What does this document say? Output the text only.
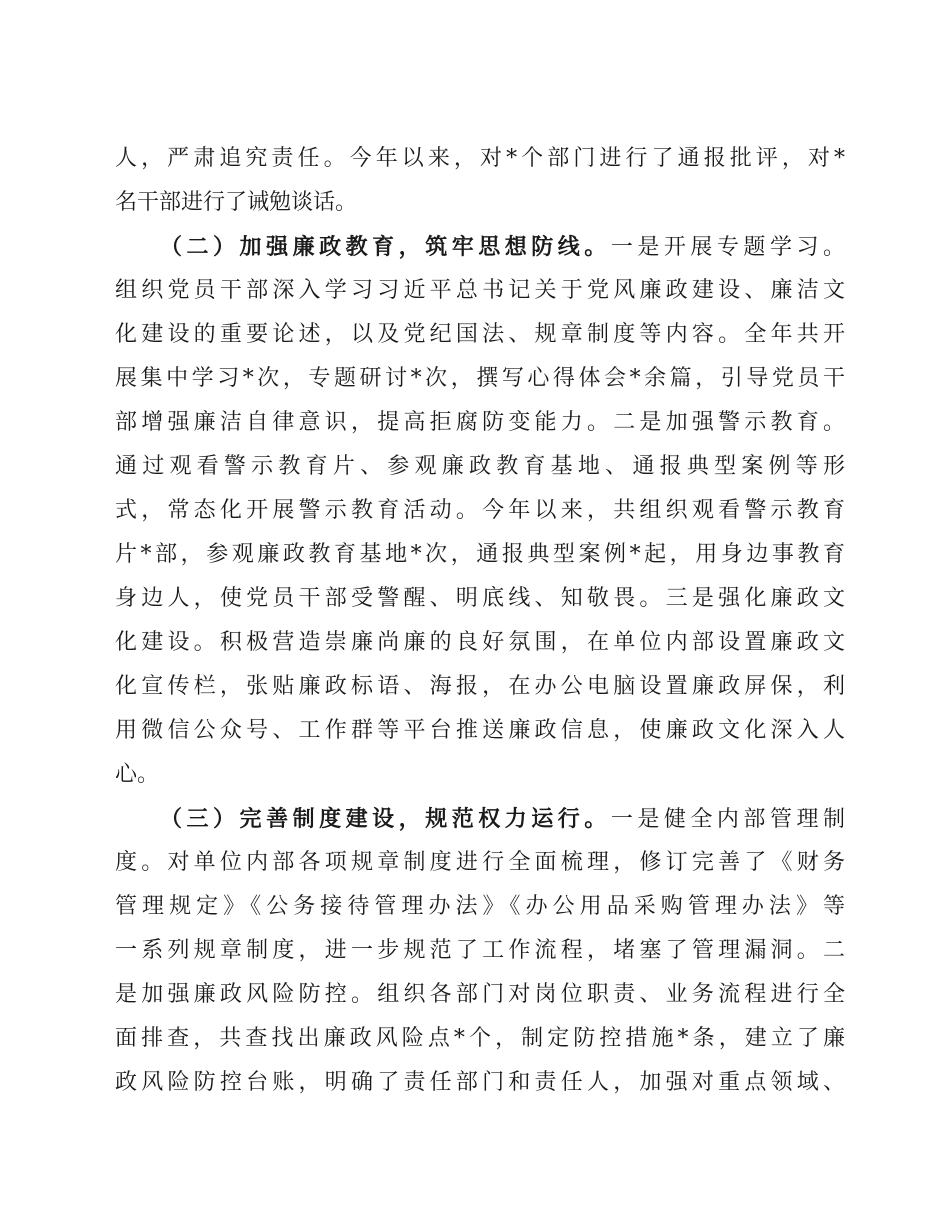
人，严肃追究责任。今年以来，对*个部门进行了通报批评，对*
名干部进行了诫勉谈话。
（二）加强廉政教育，筑牢思想防线。一是开展专题学习。
组织党员干部深入学习习近平总书记关于党风廉政建设、廉洁文
化建设的重要论述，以及党纪国法、规章制度等内容。全年共开
展集中学习*次，专题研讨*次，撰写心得体会*余篇，引导党员干
部增强廉洁自律意识，提高拒腐防变能力。二是加强警示教育。
通过观看警示教育片、参观廉政教育基地、通报典型案例等形
式，常态化开展警示教育活动。今年以来，共组织观看警示教育
片*部，参观廉政教育基地*次，通报典型案例*起，用身边事教育
身边人，使党员干部受警醒、明底线、知敬畏。三是强化廉政文
化建设。积极营造崇廉尚廉的良好氛围，在单位内部设置廉政文
化宣传栏，张贴廉政标语、海报，在办公电脑设置廉政屏保，利
用微信公众号、工作群等平台推送廉政信息，使廉政文化深入人
心。
（三）完善制度建设，规范权力运行。一是健全内部管理制
度。对单位内部各项规章制度进行全面梳理，修订完善了《财务
管理规定》《公务接待管理办法》《办公用品采购管理办法》等
一系列规章制度，进一步规范了工作流程，堵塞了管理漏洞。二
是加强廉政风险防控。组织各部门对岗位职责、业务流程进行全
面排查，共查找出廉政风险点*个，制定防控措施*条，建立了廉
政风险防控台账，明确了责任部门和责任人，加强对重点领域、
